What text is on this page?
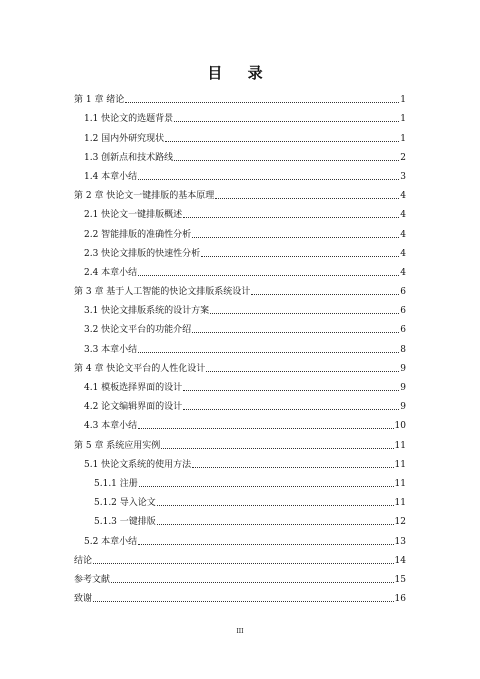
目 录
第 1 章 绪论	1
1.1 快论文的选题背景	1
1.2 国内外研究现状	1
1.3 创新点和技术路线	2
1.4 本章小结	3
第 2 章 快论文一键排版的基本原理	4
2.1 快论文一键排版概述	4
2.2 智能排版的准确性分析	4
2.3 快论文排版的快速性分析	4
2.4 本章小结	4
第 3 章 基于人工智能的快论文排版系统设计	6
3.1 快论文排版系统的设计方案	6
3.2 快论文平台的功能介绍	6
3.3 本章小结	8
第 4 章 快论文平台的人性化设计	9
4.1 模板选择界面的设计	9
4.2 论文编辑界面的设计	9
4.3 本章小结	10
第 5 章 系统应用实例	11
5.1 快论文系统的使用方法	11
5.1.1 注册	11
5.1.2 导入论文	11
5.1.3 一键排版	12
5.2 本章小结	13
结论	14
参考文献	15
致谢	16
III
